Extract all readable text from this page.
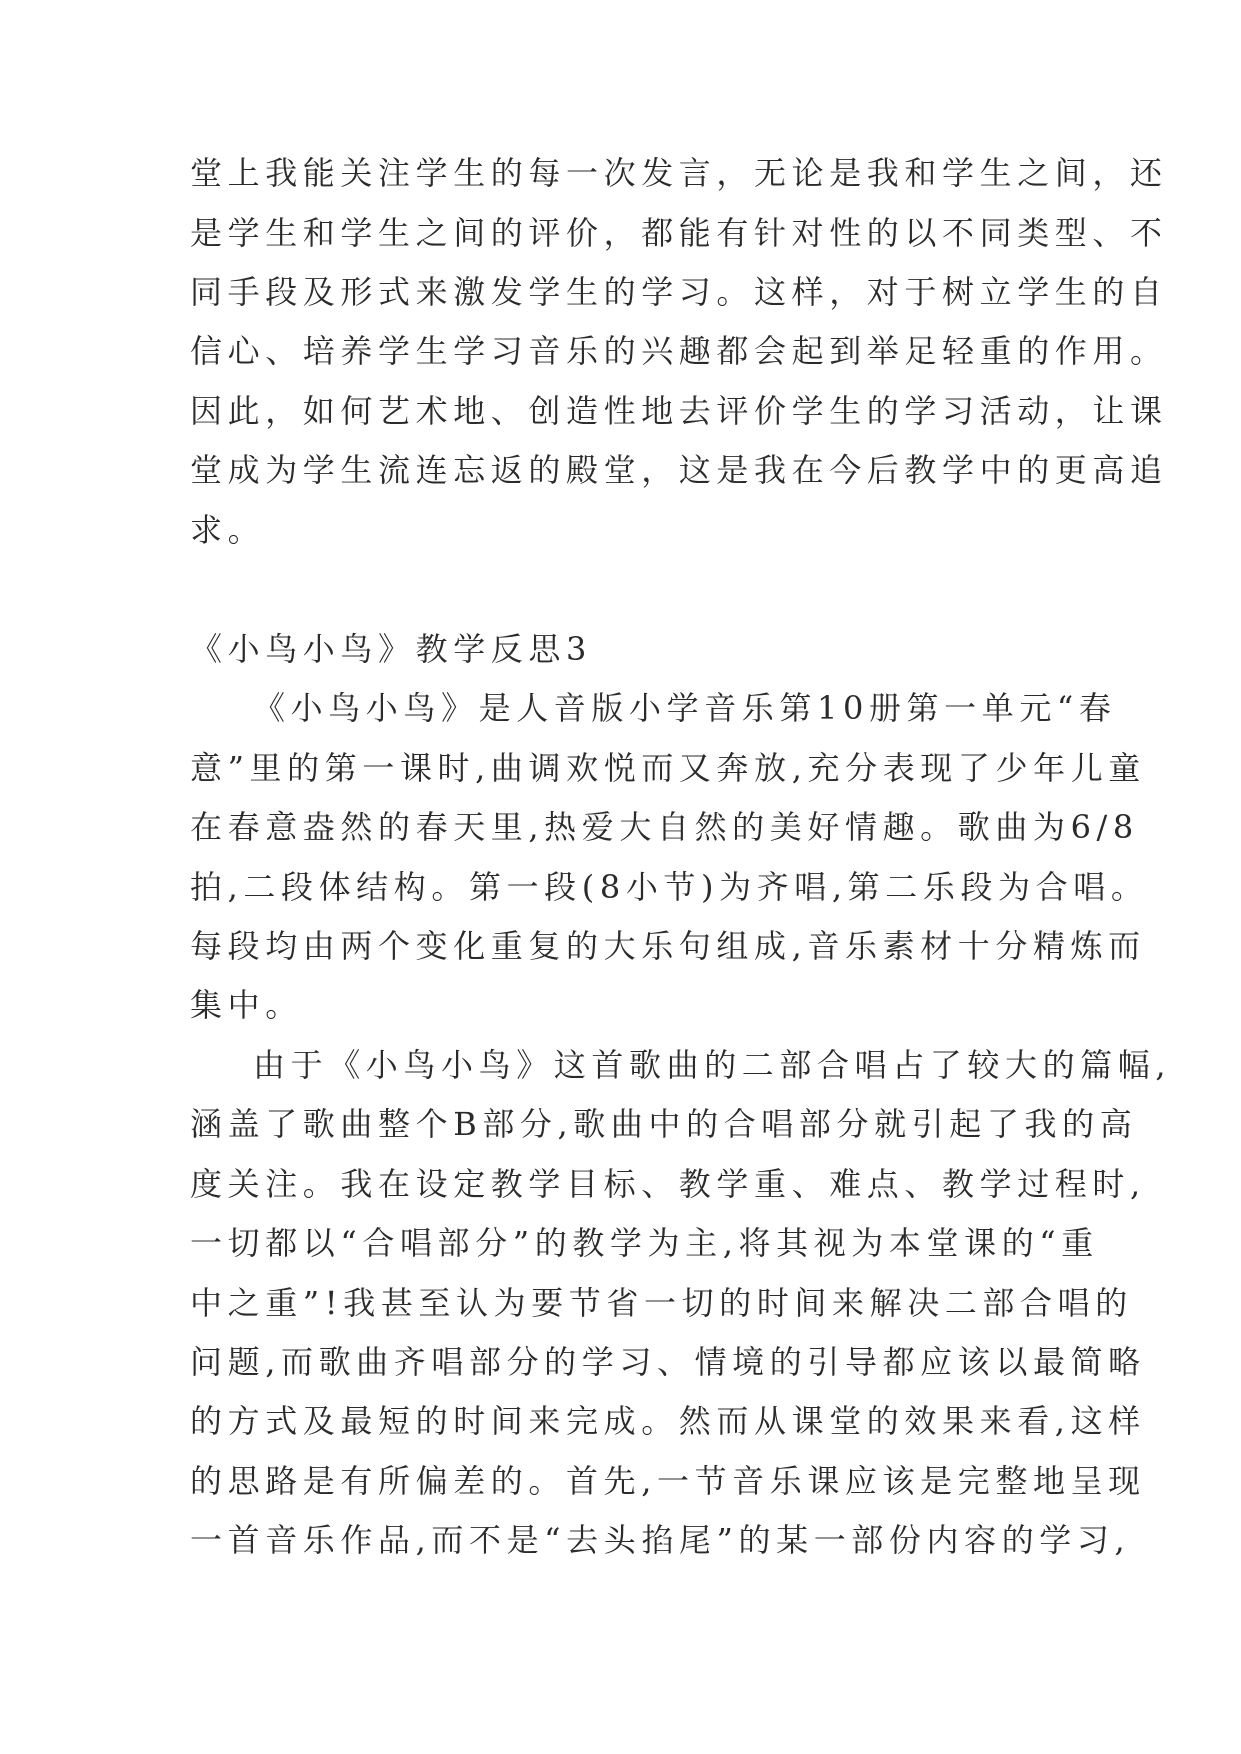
堂上我能关注学生的每一次发言，无论是我和学生之间，还
是学生和学生之间的评价，都能有针对性的以不同类型、不
同手段及形式来激发学生的学习。这样，对于树立学生的自
信心、培养学生学习音乐的兴趣都会起到举足轻重的作用。
因此，如何艺术地、创造性地去评价学生的学习活动，让课
堂成为学生流连忘返的殿堂，这是我在今后教学中的更高追
求。
《小鸟小鸟》教学反思3
《小鸟小鸟》是人音版小学音乐第10册第一单元“春
意”里的第一课时,曲调欢悦而又奔放,充分表现了少年儿童
在春意盎然的春天里,热爱大自然的美好情趣。歌曲为6/8
拍,二段体结构。第一段(8小节)为齐唱,第二乐段为合唱。
每段均由两个变化重复的大乐句组成,音乐素材十分精炼而
集中。
由于《小鸟小鸟》这首歌曲的二部合唱占了较大的篇幅,
涵盖了歌曲整个B部分,歌曲中的合唱部分就引起了我的高
度关注。我在设定教学目标、教学重、难点、教学过程时,
一切都以“合唱部分”的教学为主,将其视为本堂课的“重
中之重”!我甚至认为要节省一切的时间来解决二部合唱的
问题,而歌曲齐唱部分的学习、情境的引导都应该以最简略
的方式及最短的时间来完成。然而从课堂的效果来看,这样
的思路是有所偏差的。首先,一节音乐课应该是完整地呈现
一首音乐作品,而不是“去头掐尾”的某一部份内容的学习,
